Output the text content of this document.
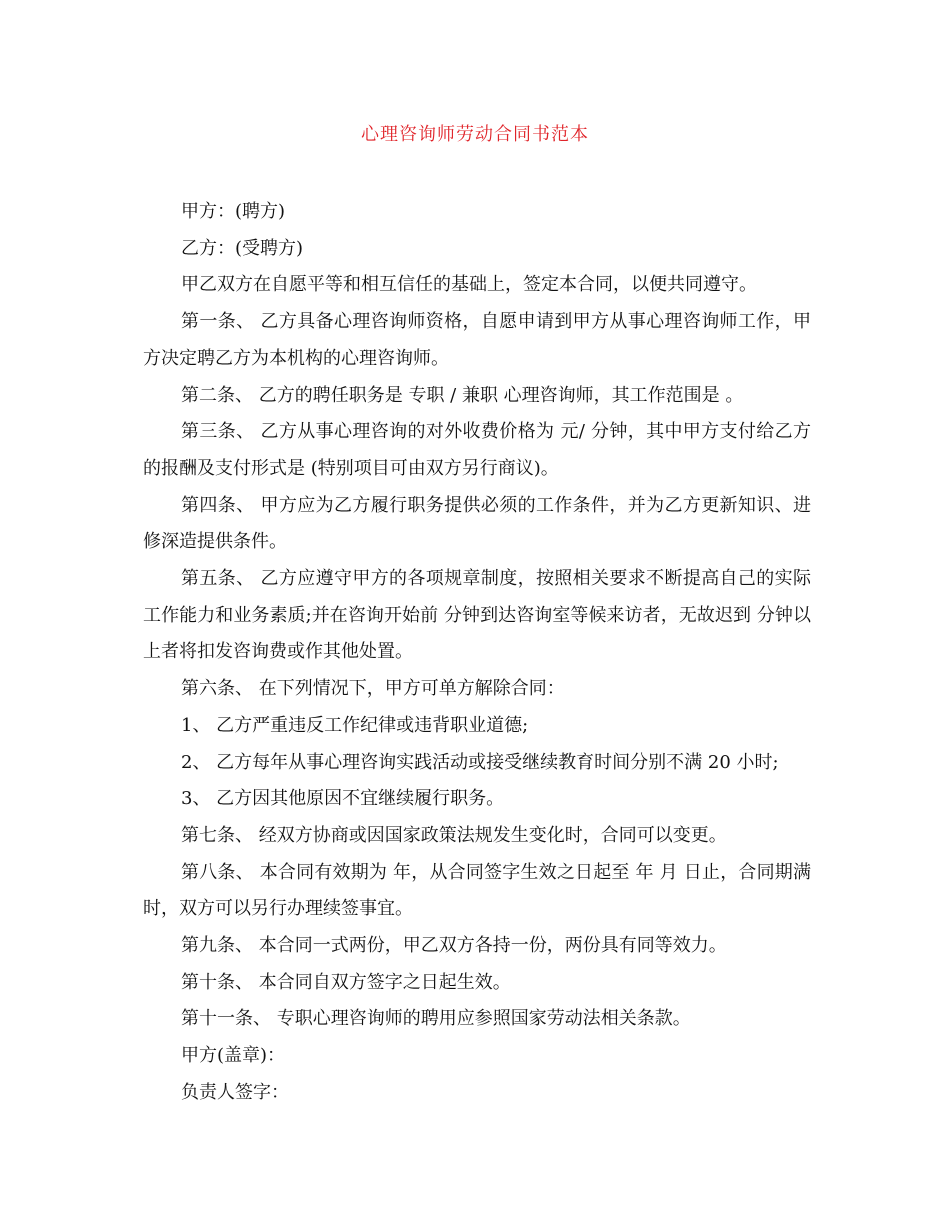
心理咨询师劳动合同书范本

甲方：(聘方)

乙方：(受聘方)

甲乙双方在自愿平等和相互信任的基础上，签定本合同，以便共同遵守。

第一条、 乙方具备心理咨询师资格，自愿申请到甲方从事心理咨询师工作，甲方决定聘乙方为本机构的心理咨询师。

第二条、 乙方的聘任职务是 专职 / 兼职 心理咨询师，其工作范围是 。

第三条、 乙方从事心理咨询的对外收费价格为 元/ 分钟，其中甲方支付给乙方的报酬及支付形式是 (特别项目可由双方另行商议)。

第四条、 甲方应为乙方履行职务提供必须的工作条件，并为乙方更新知识、进修深造提供条件。

第五条、 乙方应遵守甲方的各项规章制度，按照相关要求不断提高自己的实际工作能力和业务素质;并在咨询开始前 分钟到达咨询室等候来访者，无故迟到 分钟以上者将扣发咨询费或作其他处置。

第六条、 在下列情况下，甲方可单方解除合同：

1、 乙方严重违反工作纪律或违背职业道德;

2、 乙方每年从事心理咨询实践活动或接受继续教育时间分别不满 20 小时;

3、 乙方因其他原因不宜继续履行职务。

第七条、 经双方协商或因国家政策法规发生变化时，合同可以变更。

第八条、 本合同有效期为 年，从合同签字生效之日起至 年 月 日止，合同期满时，双方可以另行办理续签事宜。

第九条、 本合同一式两份，甲乙双方各持一份，两份具有同等效力。

第十条、 本合同自双方签字之日起生效。

第十一条、 专职心理咨询师的聘用应参照国家劳动法相关条款。

甲方(盖章)：

负责人签字：
